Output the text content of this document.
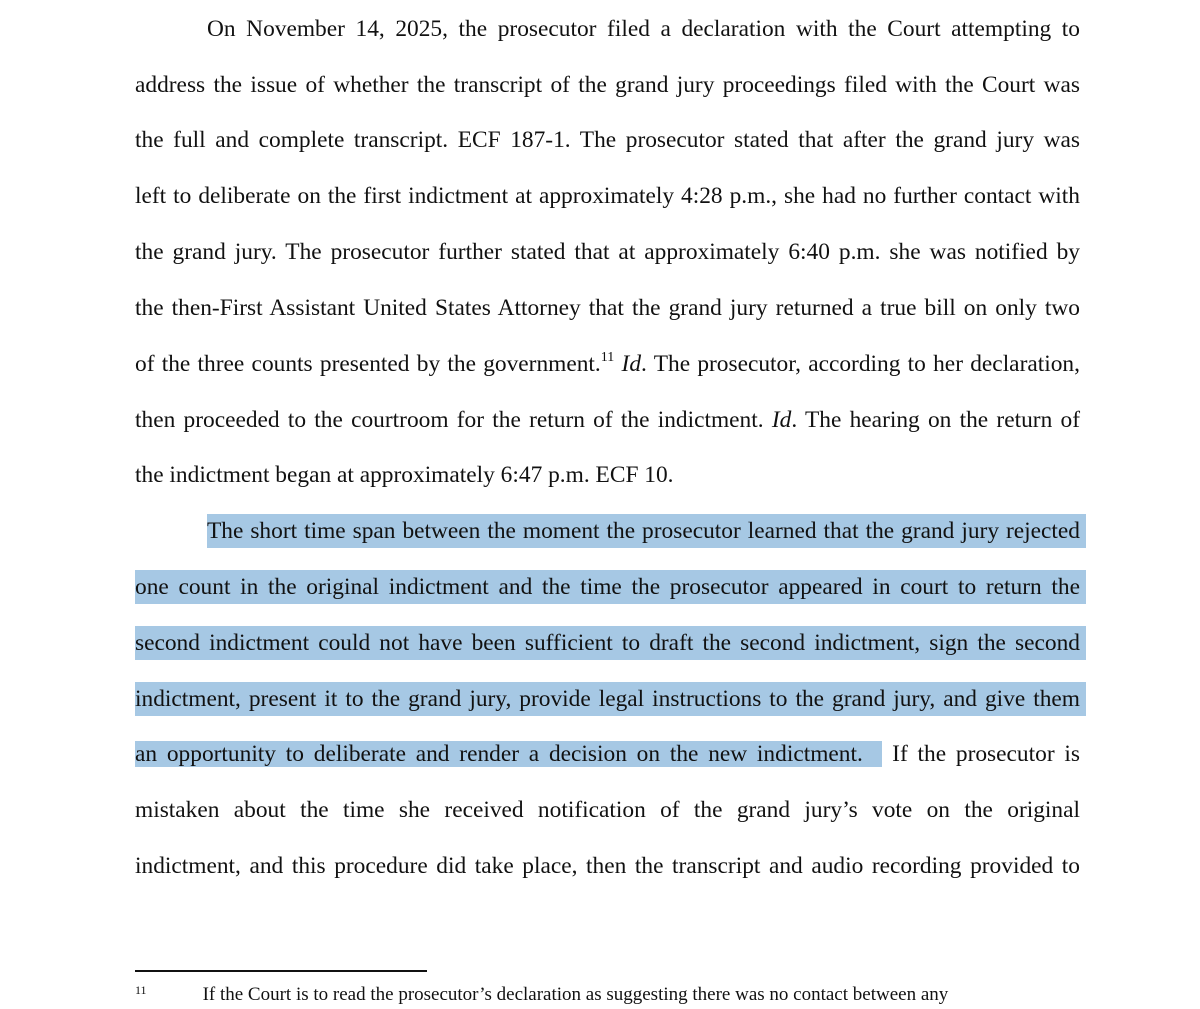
On November 14, 2025, the prosecutor filed a declaration with the Court attempting to
address the issue of whether the transcript of the grand jury proceedings filed with the Court was
the full and complete transcript. ECF 187-1. The prosecutor stated that after the grand jury was
left to deliberate on the first indictment at approximately 4:28 p.m., she had no further contact with
the grand jury. The prosecutor further stated that at approximately 6:40 p.m. she was notified by
the then-First Assistant United States Attorney that the grand jury returned a true bill on only two
of the three counts presented by the government.$^{11}$ Id. The prosecutor, according to her declaration,
then proceeded to the courtroom for the return of the indictment. Id. The hearing on the return of
the indictment began at approximately 6:47 p.m. ECF 10.
The short time span between the moment the prosecutor learned that the grand jury rejected
one count in the original indictment and the time the prosecutor appeared in court to return the
second indictment could not have been sufficient to draft the second indictment, sign the second
indictment, present it to the grand jury, provide legal instructions to the grand jury, and give them
an opportunity to deliberate and render a decision on the new indictment. If the prosecutor is
mistaken about the time she received notification of the grand jury’s vote on the original
indictment, and this procedure did take place, then the transcript and audio recording provided to
$^{11}$	If the Court is to read the prosecutor’s declaration as suggesting there was no contact between any
